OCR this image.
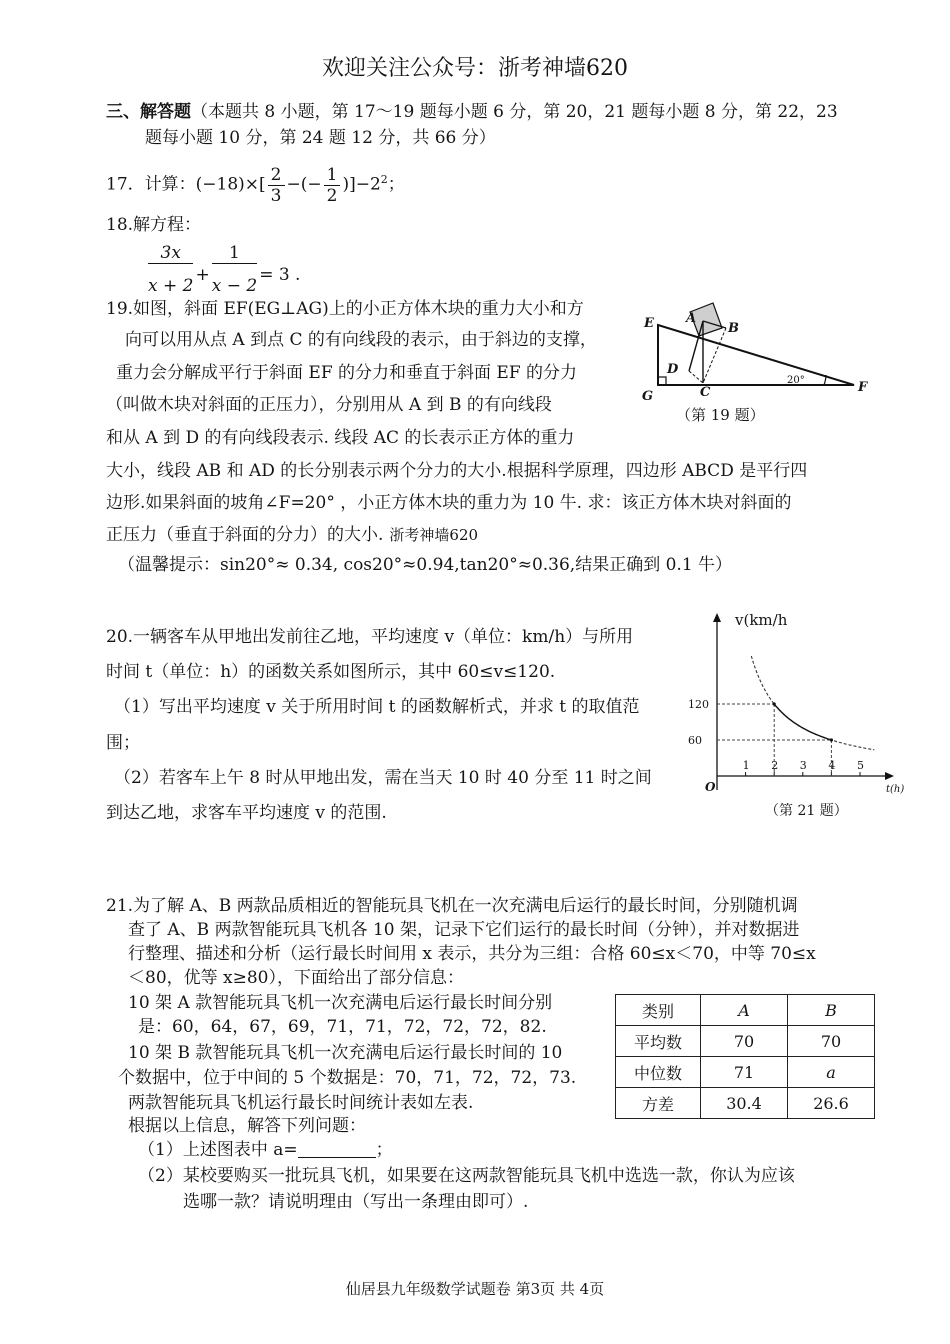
欢迎关注公众号：浙考神墙620
三、解答题（本题共 8 小题，第 17～19 题每小题 6 分，第 20，21 题每小题 8 分，第 22，23
题每小题 10 分，第 24 题 12 分，共 66 分）
17．计算：$(-18)\times[ \frac{2}{3}$ −(− $\frac{1}{2} )]-2^2$；
18.解方程：
$\frac{3x}{x + 2} + \frac{1}{x - 2} = 3$ .
19.如图，斜面 EF(EG⊥AG)上的小正方体木块的重力大小和方
向可以用从点 A 到点 C 的有向线段的表示，由于斜边的支撑，
重力会分解成平行于斜面 EF 的分力和垂直于斜面 EF 的分力
（叫做木块对斜面的正压力），分别用从 A 到 B 的有向线段
和从 A 到 D 的有向线段表示. 线段 AC 的长表示正方体的重力
大小，线段 AB 和 AD 的长分别表示两个分力的大小.根据科学原理，四边形 ABCD 是平行四
边形.如果斜面的坡角∠F=20° ，小正方体木块的重力为 10 牛. 求：该正方体木块对斜面的
正压力（垂直于斜面的分力）的大小. 浙考神墙620
（温馨提示：sin20°≈ 0.34, cos20°≈0.94,tan20°≈0.36,结果正确到 0.1 牛）
E A
B
D
C
G
F
20°
（第 19 题）
20.一辆客车从甲地出发前往乙地，平均速度 v（单位：km/h）与所用
时间 t（单位：h）的函数关系如图所示，其中 60≤v≤120.
（1）写出平均速度 v 关于所用时间 t 的函数解析式，并求 t 的取值范
围；
（2）若客车上午 8 时从甲地出发，需在当天 10 时 40 分至 11 时之间
到达乙地，求客车平均速度 v 的范围.
v(km/h
t(h)
O
（第 21 题）
1 2 3 4 5
60
120
21.为了解 A、B 两款品质相近的智能玩具飞机在一次充满电后运行的最长时间，分别随机调
查了 A、B 两款智能玩具飞机各 10 架，记录下它们运行的最长时间（分钟），并对数据进
行整理、描述和分析（运行最长时间用 x 表示，共分为三组：合格 60≤x＜70，中等 70≤x
＜80，优等 x≥80），下面给出了部分信息：
10 架 A 款智能玩具飞机一次充满电后运行最长时间分别
是：60，64，67，69，71，71，72，72，72，82.
10 架 B 款智能玩具飞机一次充满电后运行最长时间的 10
个数据中，位于中间的 5 个数据是：70，71，72，72，73.
两款智能玩具飞机运行最长时间统计表如左表.
根据以上信息，解答下列问题：
（1）上述图表中 a=	；
（2）某校要购买一批玩具飞机，如果要在这两款智能玩具飞机中选选一款，你认为应该
选哪一款？请说明理由（写出一条理由即可）.
类别	A	B
平均数	70	70
中位数	71	a
方差	30.4	26.6
仙居县九年级数学试题卷 第3页 共 4页
